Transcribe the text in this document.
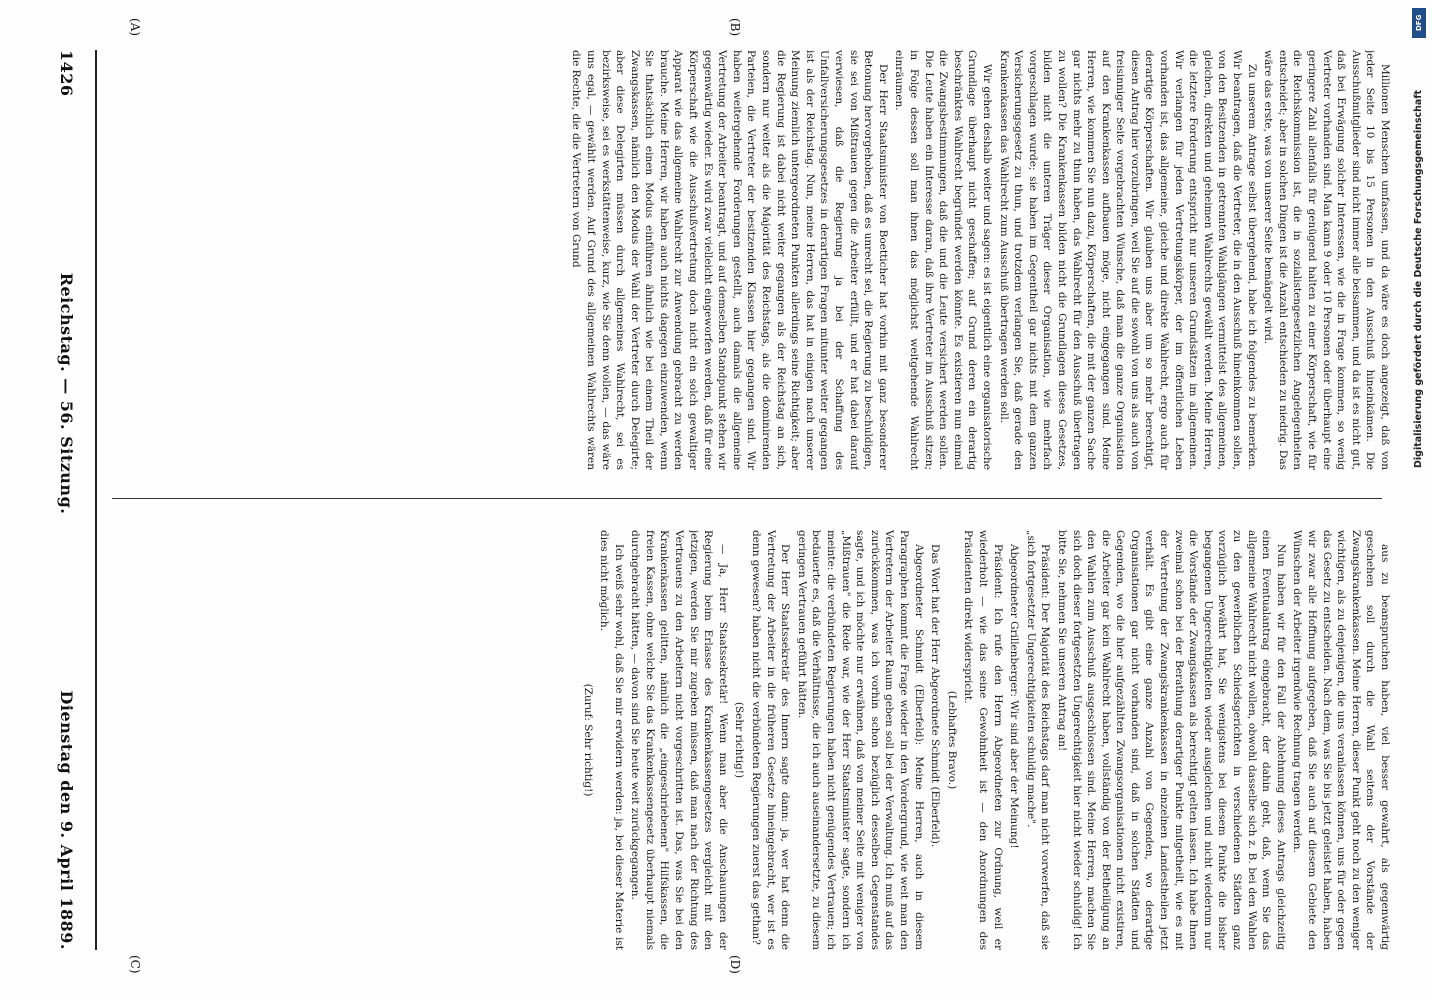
1426
Reichstag. — 56. Sitzung.
Dienstag den 9. April 1889.
(A)	(B)
(C)	(D)

Millionen Menschen umfassen, und da wäre es doch angezeigt, daß von jeder Seite 10 bis 15 Personen in den Ausschuß hineinkämen. Die Ausschußmitglieder sind nicht immer alle beisammen, und da ist es nicht gut, daß bei Erwägung solcher Interessen, wie die in Frage kommen, so wenig Vertreter vorhanden sind. Man kann 9 oder 10 Personen oder überhaupt eine geringere Zahl allenfalls für genügend halten zu einer Körperschaft, wie für die Reichskommission ist, die in sozialistengesetzlichen Angelegenheiten entscheidet; aber in solchen Dingen ist die Anzahl entschieden zu niedrig. Das wäre das erste, was von unserer Seite bemängelt wird.

Zu unserem Antrage selbst übergehend, habe ich folgendes zu bemerken. Wir beantragen, daß die Vertreter, die in den Ausschuß hineinkommen sollen, von den Besitzenden in getrennten Wahlgängen vermittelst des allgemeinen, gleichen, direkten und geheimen Wahlrechts gewählt werden. Meine Herren, die letztere Forderung entspricht nur unseren Grundsätzen im allgemeinen. Wir verlangen für jeden Vertretungskörper, der im öffentlichen Leben vorhanden ist, das allgemeine, gleiche und direkte Wahlrecht, ergo auch für derartige Körperschaften. Wir glauben uns aber um so mehr berechtigt, diesen Antrag hier vorzubringen, weil Sie auf die sowohl von uns als auch von freisinniger Seite vorgebrachten Wünsche, daß man die ganze Organisation auf den Krankenkassen aufbauen möge, nicht eingegangen sind. Meine Herren, wie kommen Sie nun dazu, Körperschaften, die mit der ganzen Sache gar nichts mehr zu thun haben, das Wahlrecht für den Ausschuß übertragen zu wollen? Die Krankenkassen bilden nicht die Grundlagen dieses Gesetzes, bilden nicht die unteren Träger dieser Organisation, wie mehrfach vorgeschlagen wurde; sie haben im Gegentheil gar nichts mit dem ganzen Versicherungsgesetz zu thun, und trotzdem verlangen Sie, daß gerade den Krankenkassen das Wahlrecht zum Ausschuß übertragen werden soll.

Wir gehen deshalb weiter und sagen: es ist eigentlich eine organisatorische Grundlage überhaupt nicht geschaffen; auf Grund deren ein derartig beschränktes Wahlrecht begründet werden könnte. Es existieren nun einmal die Zwangsbestimmungen, daß die und die Leute versichert werden sollen. Die Leute haben ein Interesse daran, daß ihre Vertreter im Ausschuß sitzen; in Folge dessen soll man ihnen das möglichst weitgehende Wahlrecht einräumen.

Der Herr Staatsminister von Boetticher hat vorhin mit ganz besonderer Betonung hervorgehoben, daß es unrecht sei, die Regierung zu beschuldigen, sie sei von Mißtrauen gegen die Arbeiter erfüllt, und er hat dabei darauf verwiesen, daß die Regierung ja bei der Schaffung des Unfallversicherungsgesetzes in derartigen Fragen mitunter weiter gegangen ist als der Reichstag. Nun, meine Herren, das hat in einigen nach unserer Meinung ziemlich untergeordneten Punkten allerdings seine Richtigkeit; aber die Regierung ist dabei nicht weiter gegangen als der Reichstag an sich, sondern nur weiter als die Majorität des Reichstags, als die dominirenden Parteien, die Vertreter der besitzenden Klassen hier gegangen sind. Wir haben weitergehende Forderungen gestellt, auch damals die allgemeine Vertretung der Arbeiter beantragt, und auf demselben Standpunkt stehen wir gegenwärtig wieder. Es wird zwar vielleicht eingeworfen werden, daß für eine Körperschaft wie die Ausschußvertretung doch nicht ein solch gewaltiger Apparat wie das allgemeine Wahlrecht zur Anwendung gebracht zu werden brauche. Meine Herren, wir haben auch nichts dagegen einzuwenden, wenn Sie thatsächlich einen Modus einführen ähnlich wie bei einem Theil der Zwangskassen, nämlich den Modus der Wahl der Vertreter durch Delegirte; aber diese Delegirten müssen durch allgemeines Wahlrecht, sei es bezirksweise, sei es werkstättenweise, kurz, wie Sie denn wollen, — das wäre uns egal, — gewählt werden. Auf Grund des allgemeinen Wahlrechts wären die Rechte, die die Vertretern von Grund

aus zu beanspruchen haben, viel besser gewahrt, als gegenwärtig geschehen soll durch die Wahl seitens der Vorstände der Zwangskrankenkassen. Meine Herren, dieser Punkt geht noch zu den weniger wichtigen, als zu denjenigen, die uns veranlassen können, uns für oder gegen das Gesetz zu entscheiden. Nach dem, was Sie bis jetzt geleistet haben, haben wir zwar alle Hoffnung aufgegeben, daß Sie auch auf diesem Gebiete den Wünschen der Arbeiter irgendwie Rechnung tragen werden.

Nun haben wir für den Fall der Ablehnung dieses Antrags gleichzeitig einen Eventualantrag eingebracht, der dahin geht, daß, wenn Sie das allgemeine Wahlrecht nicht wollen, obwohl dasselbe sich z. B. bei den Wahlen zu den gewerblichen Schiedsgerichten in verschiedenen Städten ganz vorzüglich bewährt hat, Sie wenigstens bei diesem Punkte die bisher begangenen Ungerechtigkeiten wieder ausgleichen und nicht wiederum nur die Vorstände der Zwangskassen als berechtigt gelten lassen. Ich habe Ihnen zweimal schon bei der Berathung derartiger Punkte mitgetheilt, wie es mit der Vertretung der Zwangskrankenkassen in einzelnen Landestheilen jetzt verhält. Es gibt eine ganze Anzahl von Gegenden, wo derartige Organisationen gar nicht vorhanden sind, daß in solchen Städten und Gegenden, wo die hier aufgezählten Zwangsorganisationen nicht existiren, die Arbeiter gar kein Wahlrecht haben, vollständig von der Betheiligung an den Wahlen zum Ausschuß ausgeschlossen sind. Meine Herren, machen Sie sich doch dieser fortgesetzten Ungerechtigkeit hier nicht wieder schuldig! Ich bitte Sie, nehmen Sie unseren Antrag an!

Präsident: Der Majorität des Reichstags darf man nicht vorwerfen, daß sie „sich fortgesetzter Ungerechtigkeiten schuldig mache".

Abgeordneter Grillenberger: Wir sind aber der Meinung!

Präsident: Ich rufe den Herrn Abgeordneten zur Ordnung, weil er wiederholt — wie das seine Gewohnheit ist — den Anordnungen des Präsidenten direkt widerspricht.

(Lebhaftes Bravo.)

Das Wort hat der Herr Abgeordnete Schmidt (Elberfeld).

Abgeordneter Schmidt (Elberfeld): Meine Herren, auch in diesem Paragraphen kommt die Frage wieder in den Vordergrund, wie weit man den Vertretern der Arbeiter Raum geben soll bei der Verwaltung. Ich muß auf das zurückkommen, was ich vorhin schon bezüglich desselben Gegenstandes sagte, und ich möchte nur erwähnen, daß von meiner Seite mit weniger von „Mißtrauen" die Rede war, wie der Herr Staatsminister sagte, sondern ich meinte: die verbündeten Regierungen haben nicht genügendes Vertrauen; ich bedauerte es, daß die Verhältnisse, die ich auch auseinandersetzte, zu diesem geringen Vertrauen geführt hätten.

Der Herr Staatssekretär des Innern sagte dann: ja, wer hat denn die Vertretung der Arbeiter in die früheren Gesetze hineingebracht, wer ist es denn gewesen? haben nicht die verbündeten Regierungen zuerst das gethan?

(Sehr richtig!)

— Ja, Herr Staatssekretär! Wenn man aber die Anschauungen der Regierung beim Erlasse des Krankenkassengesetzes vergleicht mit den jetzigen, werden Sie mir zugeben müssen, daß man nach der Richtung des Vertrauens zu den Arbeitern nicht vorgeschritten ist. Das, was Sie bei den Krankenkassen gelitten, nämlich die „eingeschriebenen" Hilfskassen, die freien Kassen, ohne welche Sie das Krankenkassengesetz überhaupt niemals durchgebracht hätten, — davon sind Sie heute weit zurückgegangen.

Ich weiß sehr wohl, daß Sie mir erwidern werden: ja, bei dieser Materie ist dies nicht möglich.

(Zuruf: Sehr richtig!)

DFG
Digitalisierung gefördert durch die Deutsche Forschungsgemeinschaft
